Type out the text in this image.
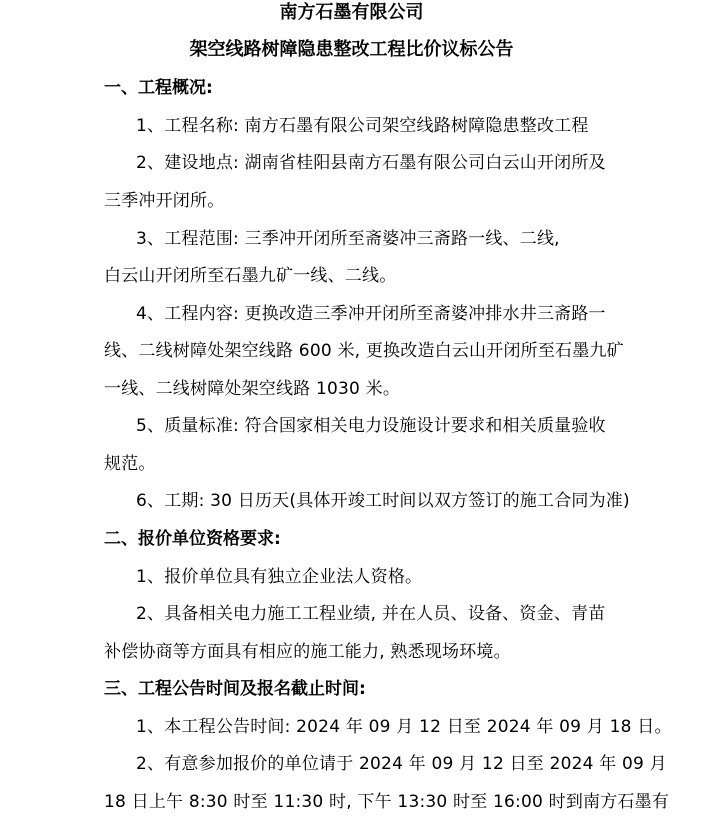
南方石墨有限公司
架空线路树障隐患整改工程比价议标公告
一、工程概况:
1、工程名称: 南方石墨有限公司架空线路树障隐患整改工程
2、建设地点: 湖南省桂阳县南方石墨有限公司白云山开闭所及
三季冲开闭所。
3、工程范围: 三季冲开闭所至斋婆冲三斋路一线、二线,
白云山开闭所至石墨九矿一线、二线。
4、工程内容: 更换改造三季冲开闭所至斋婆冲排水井三斋路一
线、二线树障处架空线路 600 米, 更换改造白云山开闭所至石墨九矿
一线、二线树障处架空线路 1030 米。
5、质量标准: 符合国家相关电力设施设计要求和相关质量验收
规范。
6、工期: 30 日历天(具体开竣工时间以双方签订的施工合同为准)
二、报价单位资格要求:
1、报价单位具有独立企业法人资格。
2、具备相关电力施工工程业绩, 并在人员、设备、资金、青苗
补偿协商等方面具有相应的施工能力, 熟悉现场环境。
三、工程公告时间及报名截止时间:
1、本工程公告时间: 2024 年 09 月 12 日至 2024 年 09 月 18 日。
2、有意参加报价的单位请于 2024 年 09 月 12 日至 2024 年 09 月
18 日上午 8:30 时至 11:30 时, 下午 13:30 时至 16:00 时到南方石墨有
